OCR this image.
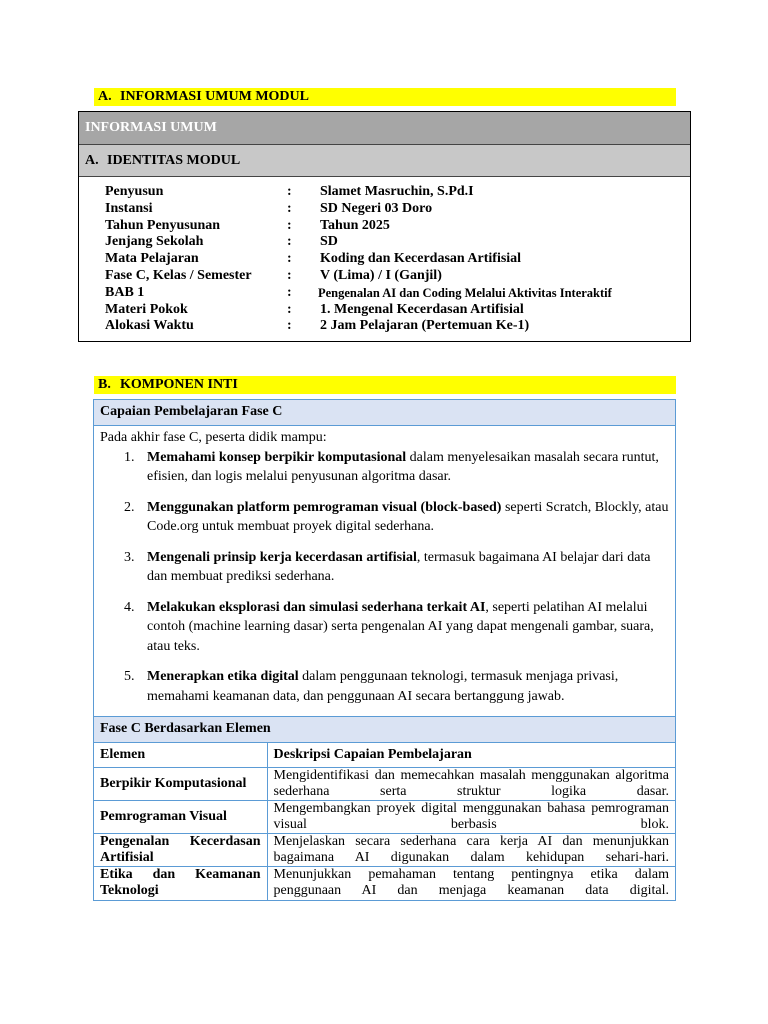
A. INFORMASI UMUM MODUL
INFORMASI UMUM
A. IDENTITAS MODUL
Penyusun	: Slamet Masruchin, S.Pd.I
Instansi	: SD Negeri 03 Doro
Tahun Penyusunan	: Tahun 2025
Jenjang Sekolah	: SD
Mata Pelajaran	: Koding dan Kecerdasan Artifisial
Fase C, Kelas / Semester	: V (Lima) / I (Ganjil)
BAB 1	: Pengenalan AI dan Coding Melalui Aktivitas Interaktif
Materi Pokok	: 1. Mengenal Kecerdasan Artifisial
Alokasi Waktu	: 2 Jam Pelajaran (Pertemuan Ke-1)
B. KOMPONEN INTI
Capaian Pembelajaran Fase C

Pada akhir fase C, peserta didik mampu:

1. Memahami konsep berpikir komputasional dalam menyelesaikan masalah secara runtut, efisien, dan logis melalui penyusunan algoritma dasar.
2. Menggunakan platform pemrograman visual (block-based) seperti Scratch, Blockly, atau Code.org untuk membuat proyek digital sederhana.
3. Mengenali prinsip kerja kecerdasan artifisial, termasuk bagaimana AI belajar dari data dan membuat prediksi sederhana.
4. Melakukan eksplorasi dan simulasi sederhana terkait AI, seperti pelatihan AI melalui contoh (machine learning dasar) serta pengenalan AI yang dapat mengenali gambar, suara, atau teks.
5. Menerapkan etika digital dalam penggunaan teknologi, termasuk menjaga privasi, memahami keamanan data, dan penggunaan AI secara bertanggung jawab.
Fase C Berdasarkan Elemen
Elemen	Deskripsi Capaian Pembelajaran
Berpikir Komputasional	Mengidentifikasi dan memecahkan masalah menggunakan algoritma sederhana serta struktur logika dasar.
Pemrograman Visual	Mengembangkan proyek digital menggunakan bahasa pemrograman visual berbasis blok.
Pengenalan Kecerdasan Artifisial	Menjelaskan secara sederhana cara kerja AI dan menunjukkan bagaimana AI digunakan dalam kehidupan sehari-hari.
Etika dan Keamanan Teknologi	Menunjukkan pemahaman tentang pentingnya etika dalam penggunaan AI dan menjaga keamanan data digital.
